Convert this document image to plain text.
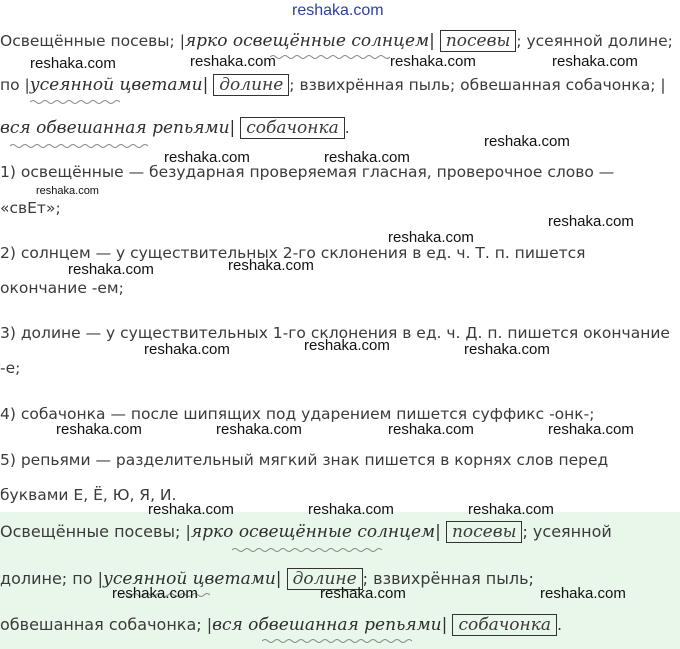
reshaka.com
Освещённые посевы; |ярко освещённые солнцем| посевы ; усеянной долине;
по |усеянной цветами| долине ; взвихрённая пыль; обвешанная собачонка; |
вся обвешанная репьями| собачонка .
1) освещённые — безударная проверяемая гласная, проверочное слово —
«свЕт»;
2) солнцем — у существительных 2-го склонения в ед. ч. Т. п. пишется
окончание -ем;
3) долине — у существительных 1-го склонения в ед. ч. Д. п. пишется окончание
-е;
4) собачонка — после шипящих под ударением пишется суффикс -онк-;
5) репьями — разделительный мягкий знак пишется в корнях слов перед
буквами Е, Ё, Ю, Я, И.
Освещённые посевы; |ярко освещённые солнцем| посевы ; усеянной
долине; по |усеянной цветами| долине ; взвихрённая пыль;
обвешанная собачонка; |вся обвешанная репьями| собачонка .
reshaka.com	reshaka.com	reshaka.com	reshaka.com
reshaka.com
reshaka.com	reshaka.com
reshaka.com
reshaka.com
reshaka.com
reshaka.com
reshaka.com
reshaka.com
reshaka.com	reshaka.com
reshaka.com	reshaka.com	reshaka.com	reshaka.com
reshaka.com	reshaka.com	reshaka.com
reshaka.com	reshaka.com	reshaka.com
